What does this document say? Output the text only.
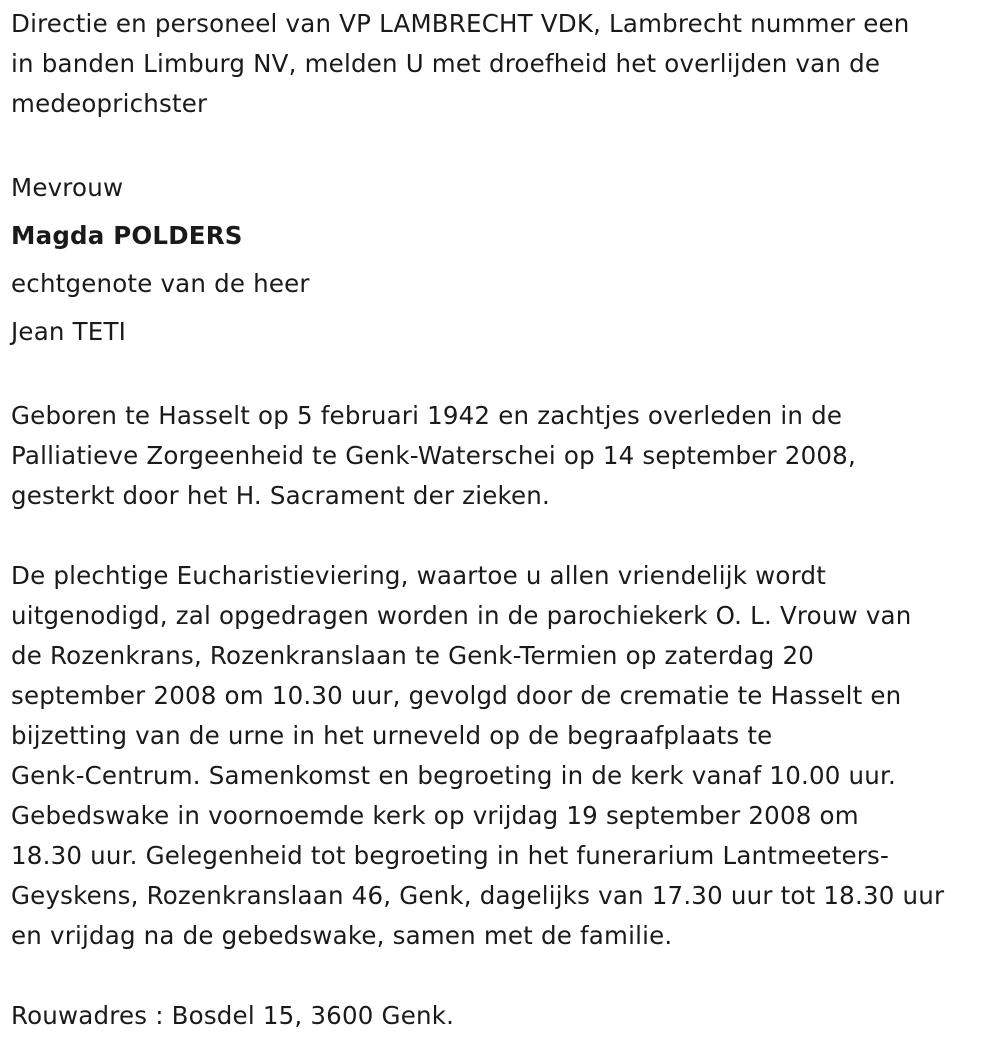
Directie en personeel van VP LAMBRECHT VDK, Lambrecht nummer een

in banden Limburg NV, melden U met droefheid het overlijden van de

medeoprichster

Mevrouw

Magda POLDERS

echtgenote van de heer

Jean TETI

Geboren te Hasselt op 5 februari 1942 en zachtjes overleden in de

Palliatieve Zorgeenheid te Genk-Waterschei op 14 september 2008,

gesterkt door het H. Sacrament der zieken.

De plechtige Eucharistieviering, waartoe u allen vriendelijk wordt

uitgenodigd, zal opgedragen worden in de parochiekerk O. L. Vrouw van

de Rozenkrans, Rozenkranslaan te Genk-Termien op zaterdag 20

september 2008 om 10.30 uur, gevolgd door de crematie te Hasselt en

bijzetting van de urne in het urneveld op de begraafplaats te

Genk-Centrum. Samenkomst en begroeting in de kerk vanaf 10.00 uur.

Gebedswake in voornoemde kerk op vrijdag 19 september 2008 om

18.30 uur. Gelegenheid tot begroeting in het funerarium Lantmeeters-

Geyskens, Rozenkranslaan 46, Genk, dagelijks van 17.30 uur tot 18.30 uur

en vrijdag na de gebedswake, samen met de familie.

Rouwadres : Bosdel 15, 3600 Genk.
